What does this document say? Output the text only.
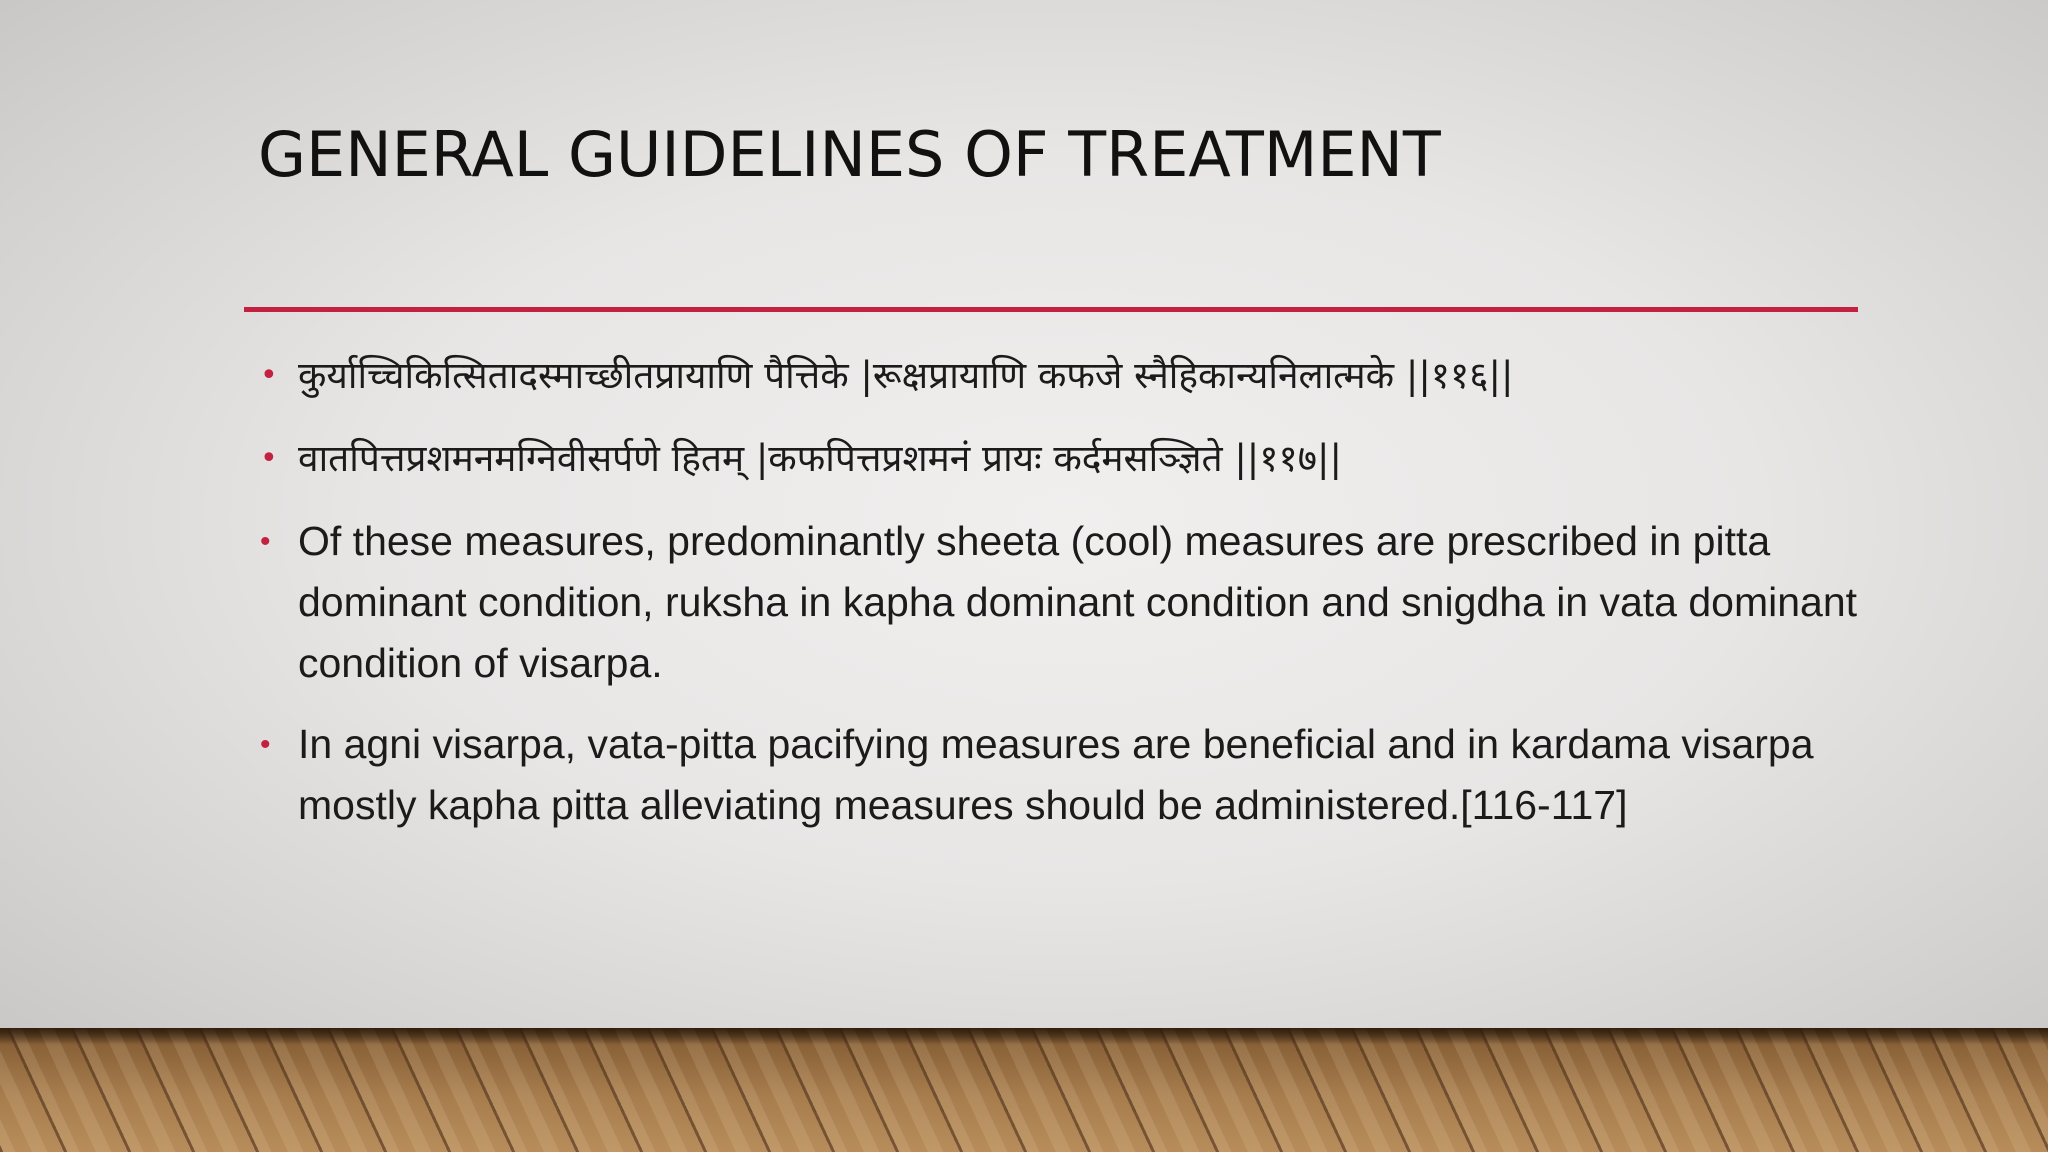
GENERAL GUIDELINES OF TREATMENT
• कुर्याच्चिकित्सितादस्माच्छीतप्रायाणि पैत्तिके |रूक्षप्रायाणि कफजे स्नैहिकान्यनिलात्मके ||११६||
• वातपित्तप्रशमनमग्निवीसर्पणे हितम् |कफपित्तप्रशमनं प्रायः कर्दमसञ्ज्ञिते ||११७||
• Of these measures, predominantly sheeta (cool) measures are prescribed in pitta dominant condition, ruksha in kapha dominant condition and snigdha in vata dominant condition of visarpa.
• In agni visarpa, vata-pitta pacifying measures are beneficial and in kardama visarpa mostly kapha pitta alleviating measures should be administered.[116-117]
